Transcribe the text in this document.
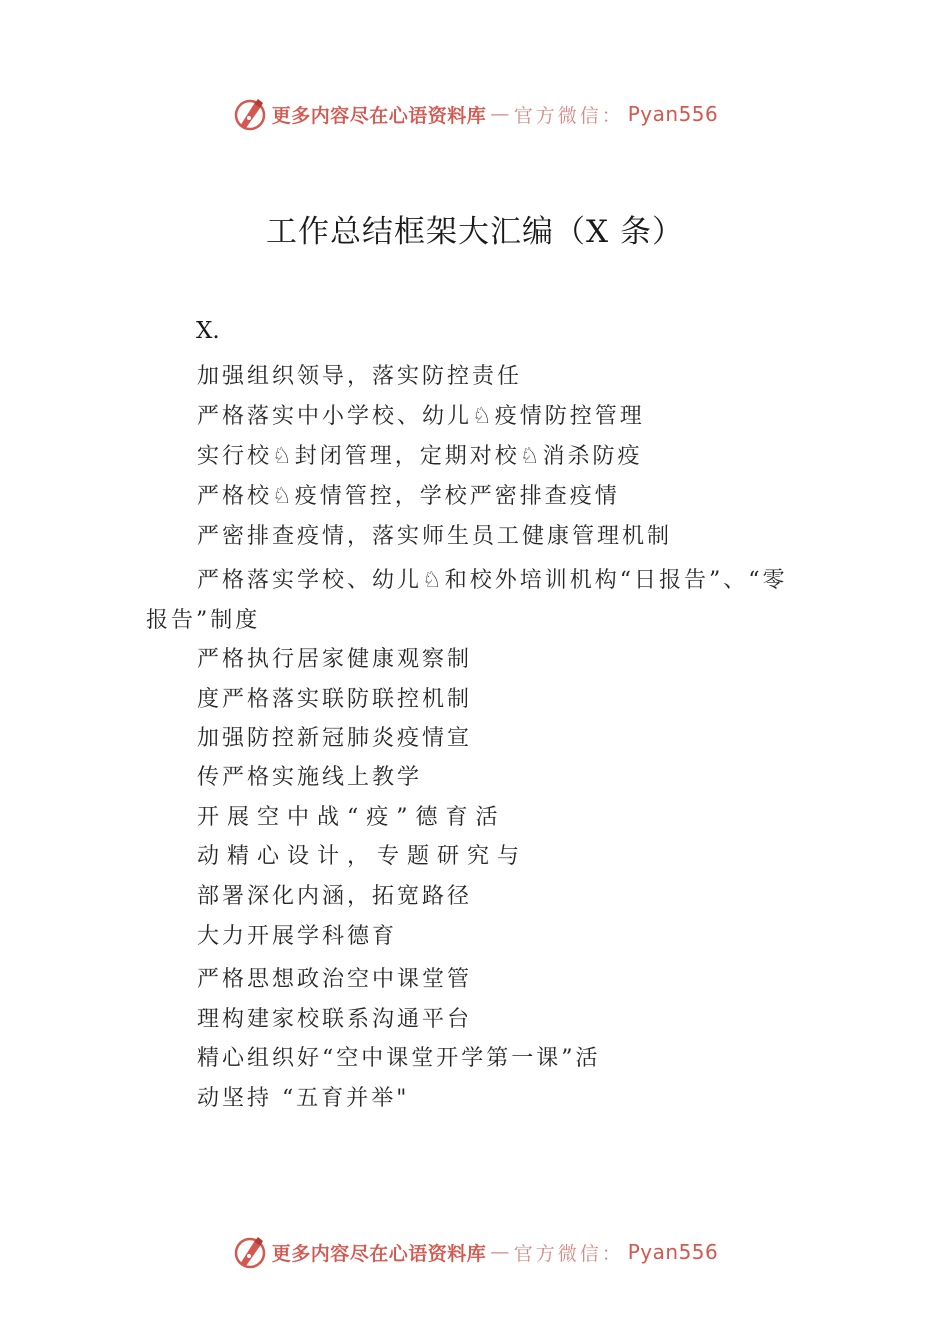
更多内容尽在心语资料库 — 官方微信： Pyan556
工作总结框架大汇编（X 条）
X.
加强组织领导，落实防控责任
严格落实中小学校、幼儿♘疫情防控管理
实行校♘封闭管理，定期对校♘消杀防疫
严格校♘疫情管控，学校严密排查疫情
严密排查疫情，落实师生员工健康管理机制
严格落实学校、幼儿♘和校外培训机构“日报告”、“零
报告”制度
严格执行居家健康观察制
度严格落实联防联控机制
加强防控新冠肺炎疫情宣
传严格实施线上教学
开展空中战“疫”德育活
动精心设计，专题研究与
部署深化内涵，拓宽路径
大力开展学科德育
严格思想政治空中课堂管
理构建家校联系沟通平台
精心组织好“空中课堂开学第一课”活
动坚持 “五育并举"
更多内容尽在心语资料库 — 官方微信： Pyan556
